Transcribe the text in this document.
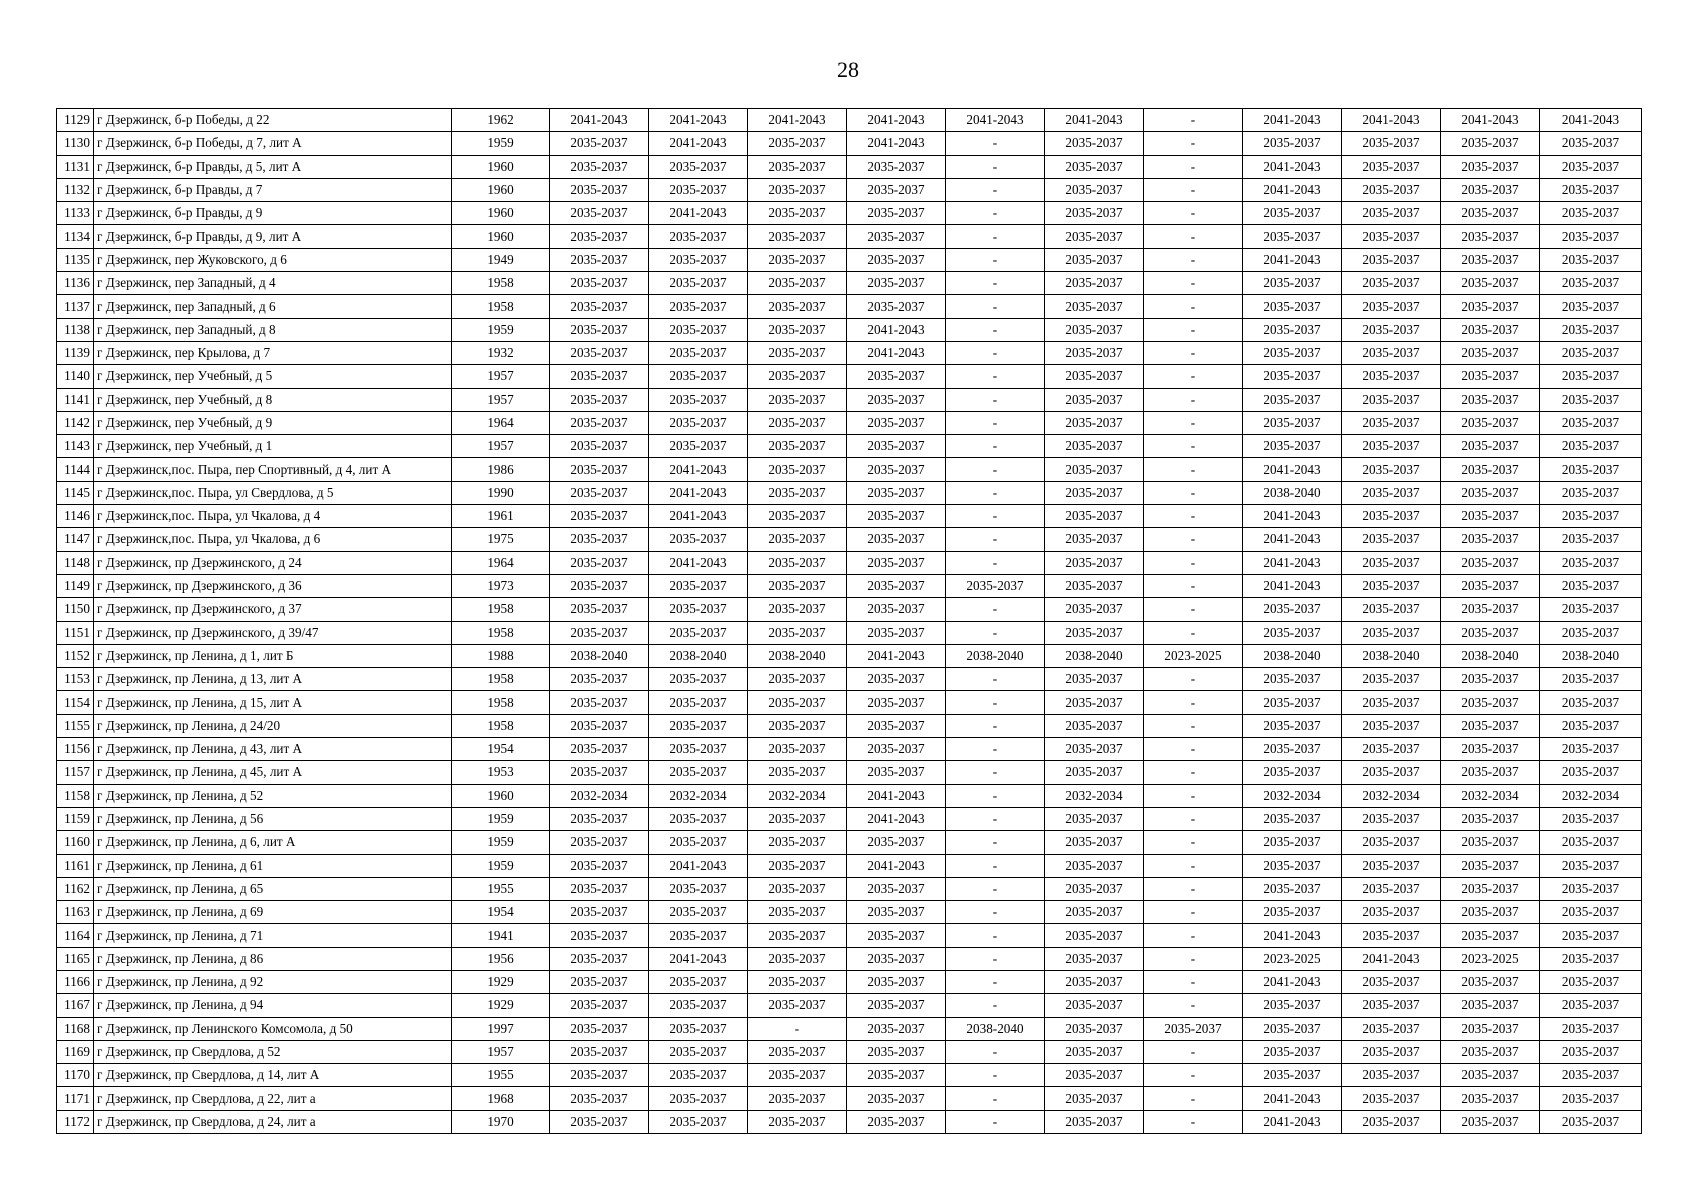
28
1129	г Дзержинск, б-р Победы, д 22	1962	2041-2043	2041-2043	2041-2043	2041-2043	2041-2043	2041-2043	-	2041-2043	2041-2043	2041-2043	2041-2043
1130	г Дзержинск, б-р Победы, д 7, лит А	1959	2035-2037	2041-2043	2035-2037	2041-2043	-	2035-2037	-	2035-2037	2035-2037	2035-2037	2035-2037
1131	г Дзержинск, б-р Правды, д 5, лит А	1960	2035-2037	2035-2037	2035-2037	2035-2037	-	2035-2037	-	2041-2043	2035-2037	2035-2037	2035-2037
1132	г Дзержинск, б-р Правды, д 7	1960	2035-2037	2035-2037	2035-2037	2035-2037	-	2035-2037	-	2041-2043	2035-2037	2035-2037	2035-2037
1133	г Дзержинск, б-р Правды, д 9	1960	2035-2037	2041-2043	2035-2037	2035-2037	-	2035-2037	-	2035-2037	2035-2037	2035-2037	2035-2037
1134	г Дзержинск, б-р Правды, д 9, лит А	1960	2035-2037	2035-2037	2035-2037	2035-2037	-	2035-2037	-	2035-2037	2035-2037	2035-2037	2035-2037
1135	г Дзержинск, пер Жуковского, д 6	1949	2035-2037	2035-2037	2035-2037	2035-2037	-	2035-2037	-	2041-2043	2035-2037	2035-2037	2035-2037
1136	г Дзержинск, пер Западный, д 4	1958	2035-2037	2035-2037	2035-2037	2035-2037	-	2035-2037	-	2035-2037	2035-2037	2035-2037	2035-2037
1137	г Дзержинск, пер Западный, д 6	1958	2035-2037	2035-2037	2035-2037	2035-2037	-	2035-2037	-	2035-2037	2035-2037	2035-2037	2035-2037
1138	г Дзержинск, пер Западный, д 8	1959	2035-2037	2035-2037	2035-2037	2041-2043	-	2035-2037	-	2035-2037	2035-2037	2035-2037	2035-2037
1139	г Дзержинск, пер Крылова, д 7	1932	2035-2037	2035-2037	2035-2037	2041-2043	-	2035-2037	-	2035-2037	2035-2037	2035-2037	2035-2037
1140	г Дзержинск, пер Учебный, д 5	1957	2035-2037	2035-2037	2035-2037	2035-2037	-	2035-2037	-	2035-2037	2035-2037	2035-2037	2035-2037
1141	г Дзержинск, пер Учебный, д 8	1957	2035-2037	2035-2037	2035-2037	2035-2037	-	2035-2037	-	2035-2037	2035-2037	2035-2037	2035-2037
1142	г Дзержинск, пер Учебный, д 9	1964	2035-2037	2035-2037	2035-2037	2035-2037	-	2035-2037	-	2035-2037	2035-2037	2035-2037	2035-2037
1143	г Дзержинск, пер Учебный, д 1	1957	2035-2037	2035-2037	2035-2037	2035-2037	-	2035-2037	-	2035-2037	2035-2037	2035-2037	2035-2037
1144	г Дзержинск,пос. Пыра, пер Спортивный, д 4, лит А	1986	2035-2037	2041-2043	2035-2037	2035-2037	-	2035-2037	-	2041-2043	2035-2037	2035-2037	2035-2037
1145	г Дзержинск,пос. Пыра, ул Свердлова, д 5	1990	2035-2037	2041-2043	2035-2037	2035-2037	-	2035-2037	-	2038-2040	2035-2037	2035-2037	2035-2037
1146	г Дзержинск,пос. Пыра, ул Чкалова, д 4	1961	2035-2037	2041-2043	2035-2037	2035-2037	-	2035-2037	-	2041-2043	2035-2037	2035-2037	2035-2037
1147	г Дзержинск,пос. Пыра, ул Чкалова, д 6	1975	2035-2037	2035-2037	2035-2037	2035-2037	-	2035-2037	-	2041-2043	2035-2037	2035-2037	2035-2037
1148	г Дзержинск, пр Дзержинского, д 24	1964	2035-2037	2041-2043	2035-2037	2035-2037	-	2035-2037	-	2041-2043	2035-2037	2035-2037	2035-2037
1149	г Дзержинск, пр Дзержинского, д 36	1973	2035-2037	2035-2037	2035-2037	2035-2037	2035-2037	2035-2037	-	2041-2043	2035-2037	2035-2037	2035-2037
1150	г Дзержинск, пр Дзержинского, д 37	1958	2035-2037	2035-2037	2035-2037	2035-2037	-	2035-2037	-	2035-2037	2035-2037	2035-2037	2035-2037
1151	г Дзержинск, пр Дзержинского, д 39/47	1958	2035-2037	2035-2037	2035-2037	2035-2037	-	2035-2037	-	2035-2037	2035-2037	2035-2037	2035-2037
1152	г Дзержинск, пр Ленина, д 1, лит Б	1988	2038-2040	2038-2040	2038-2040	2041-2043	2038-2040	2038-2040	2023-2025	2038-2040	2038-2040	2038-2040	2038-2040
1153	г Дзержинск, пр Ленина, д 13, лит А	1958	2035-2037	2035-2037	2035-2037	2035-2037	-	2035-2037	-	2035-2037	2035-2037	2035-2037	2035-2037
1154	г Дзержинск, пр Ленина, д 15, лит А	1958	2035-2037	2035-2037	2035-2037	2035-2037	-	2035-2037	-	2035-2037	2035-2037	2035-2037	2035-2037
1155	г Дзержинск, пр Ленина, д 24/20	1958	2035-2037	2035-2037	2035-2037	2035-2037	-	2035-2037	-	2035-2037	2035-2037	2035-2037	2035-2037
1156	г Дзержинск, пр Ленина, д 43, лит А	1954	2035-2037	2035-2037	2035-2037	2035-2037	-	2035-2037	-	2035-2037	2035-2037	2035-2037	2035-2037
1157	г Дзержинск, пр Ленина, д 45, лит А	1953	2035-2037	2035-2037	2035-2037	2035-2037	-	2035-2037	-	2035-2037	2035-2037	2035-2037	2035-2037
1158	г Дзержинск, пр Ленина, д 52	1960	2032-2034	2032-2034	2032-2034	2041-2043	-	2032-2034	-	2032-2034	2032-2034	2032-2034	2032-2034
1159	г Дзержинск, пр Ленина, д 56	1959	2035-2037	2035-2037	2035-2037	2041-2043	-	2035-2037	-	2035-2037	2035-2037	2035-2037	2035-2037
1160	г Дзержинск, пр Ленина, д 6, лит А	1959	2035-2037	2035-2037	2035-2037	2035-2037	-	2035-2037	-	2035-2037	2035-2037	2035-2037	2035-2037
1161	г Дзержинск, пр Ленина, д 61	1959	2035-2037	2041-2043	2035-2037	2041-2043	-	2035-2037	-	2035-2037	2035-2037	2035-2037	2035-2037
1162	г Дзержинск, пр Ленина, д 65	1955	2035-2037	2035-2037	2035-2037	2035-2037	-	2035-2037	-	2035-2037	2035-2037	2035-2037	2035-2037
1163	г Дзержинск, пр Ленина, д 69	1954	2035-2037	2035-2037	2035-2037	2035-2037	-	2035-2037	-	2035-2037	2035-2037	2035-2037	2035-2037
1164	г Дзержинск, пр Ленина, д 71	1941	2035-2037	2035-2037	2035-2037	2035-2037	-	2035-2037	-	2041-2043	2035-2037	2035-2037	2035-2037
1165	г Дзержинск, пр Ленина, д 86	1956	2035-2037	2041-2043	2035-2037	2035-2037	-	2035-2037	-	2023-2025	2041-2043	2023-2025	2035-2037
1166	г Дзержинск, пр Ленина, д 92	1929	2035-2037	2035-2037	2035-2037	2035-2037	-	2035-2037	-	2041-2043	2035-2037	2035-2037	2035-2037
1167	г Дзержинск, пр Ленина, д 94	1929	2035-2037	2035-2037	2035-2037	2035-2037	-	2035-2037	-	2035-2037	2035-2037	2035-2037	2035-2037
1168	г Дзержинск, пр Ленинского Комсомола, д 50	1997	2035-2037	2035-2037	-	2035-2037	2038-2040	2035-2037	2035-2037	2035-2037	2035-2037	2035-2037	2035-2037
1169	г Дзержинск, пр Свердлова, д 52	1957	2035-2037	2035-2037	2035-2037	2035-2037	-	2035-2037	-	2035-2037	2035-2037	2035-2037	2035-2037
1170	г Дзержинск, пр Свердлова, д 14, лит А	1955	2035-2037	2035-2037	2035-2037	2035-2037	-	2035-2037	-	2035-2037	2035-2037	2035-2037	2035-2037
1171	г Дзержинск, пр Свердлова, д 22, лит а	1968	2035-2037	2035-2037	2035-2037	2035-2037	-	2035-2037	-	2041-2043	2035-2037	2035-2037	2035-2037
1172	г Дзержинск, пр Свердлова, д 24, лит а	1970	2035-2037	2035-2037	2035-2037	2035-2037	-	2035-2037	-	2041-2043	2035-2037	2035-2037	2035-2037
